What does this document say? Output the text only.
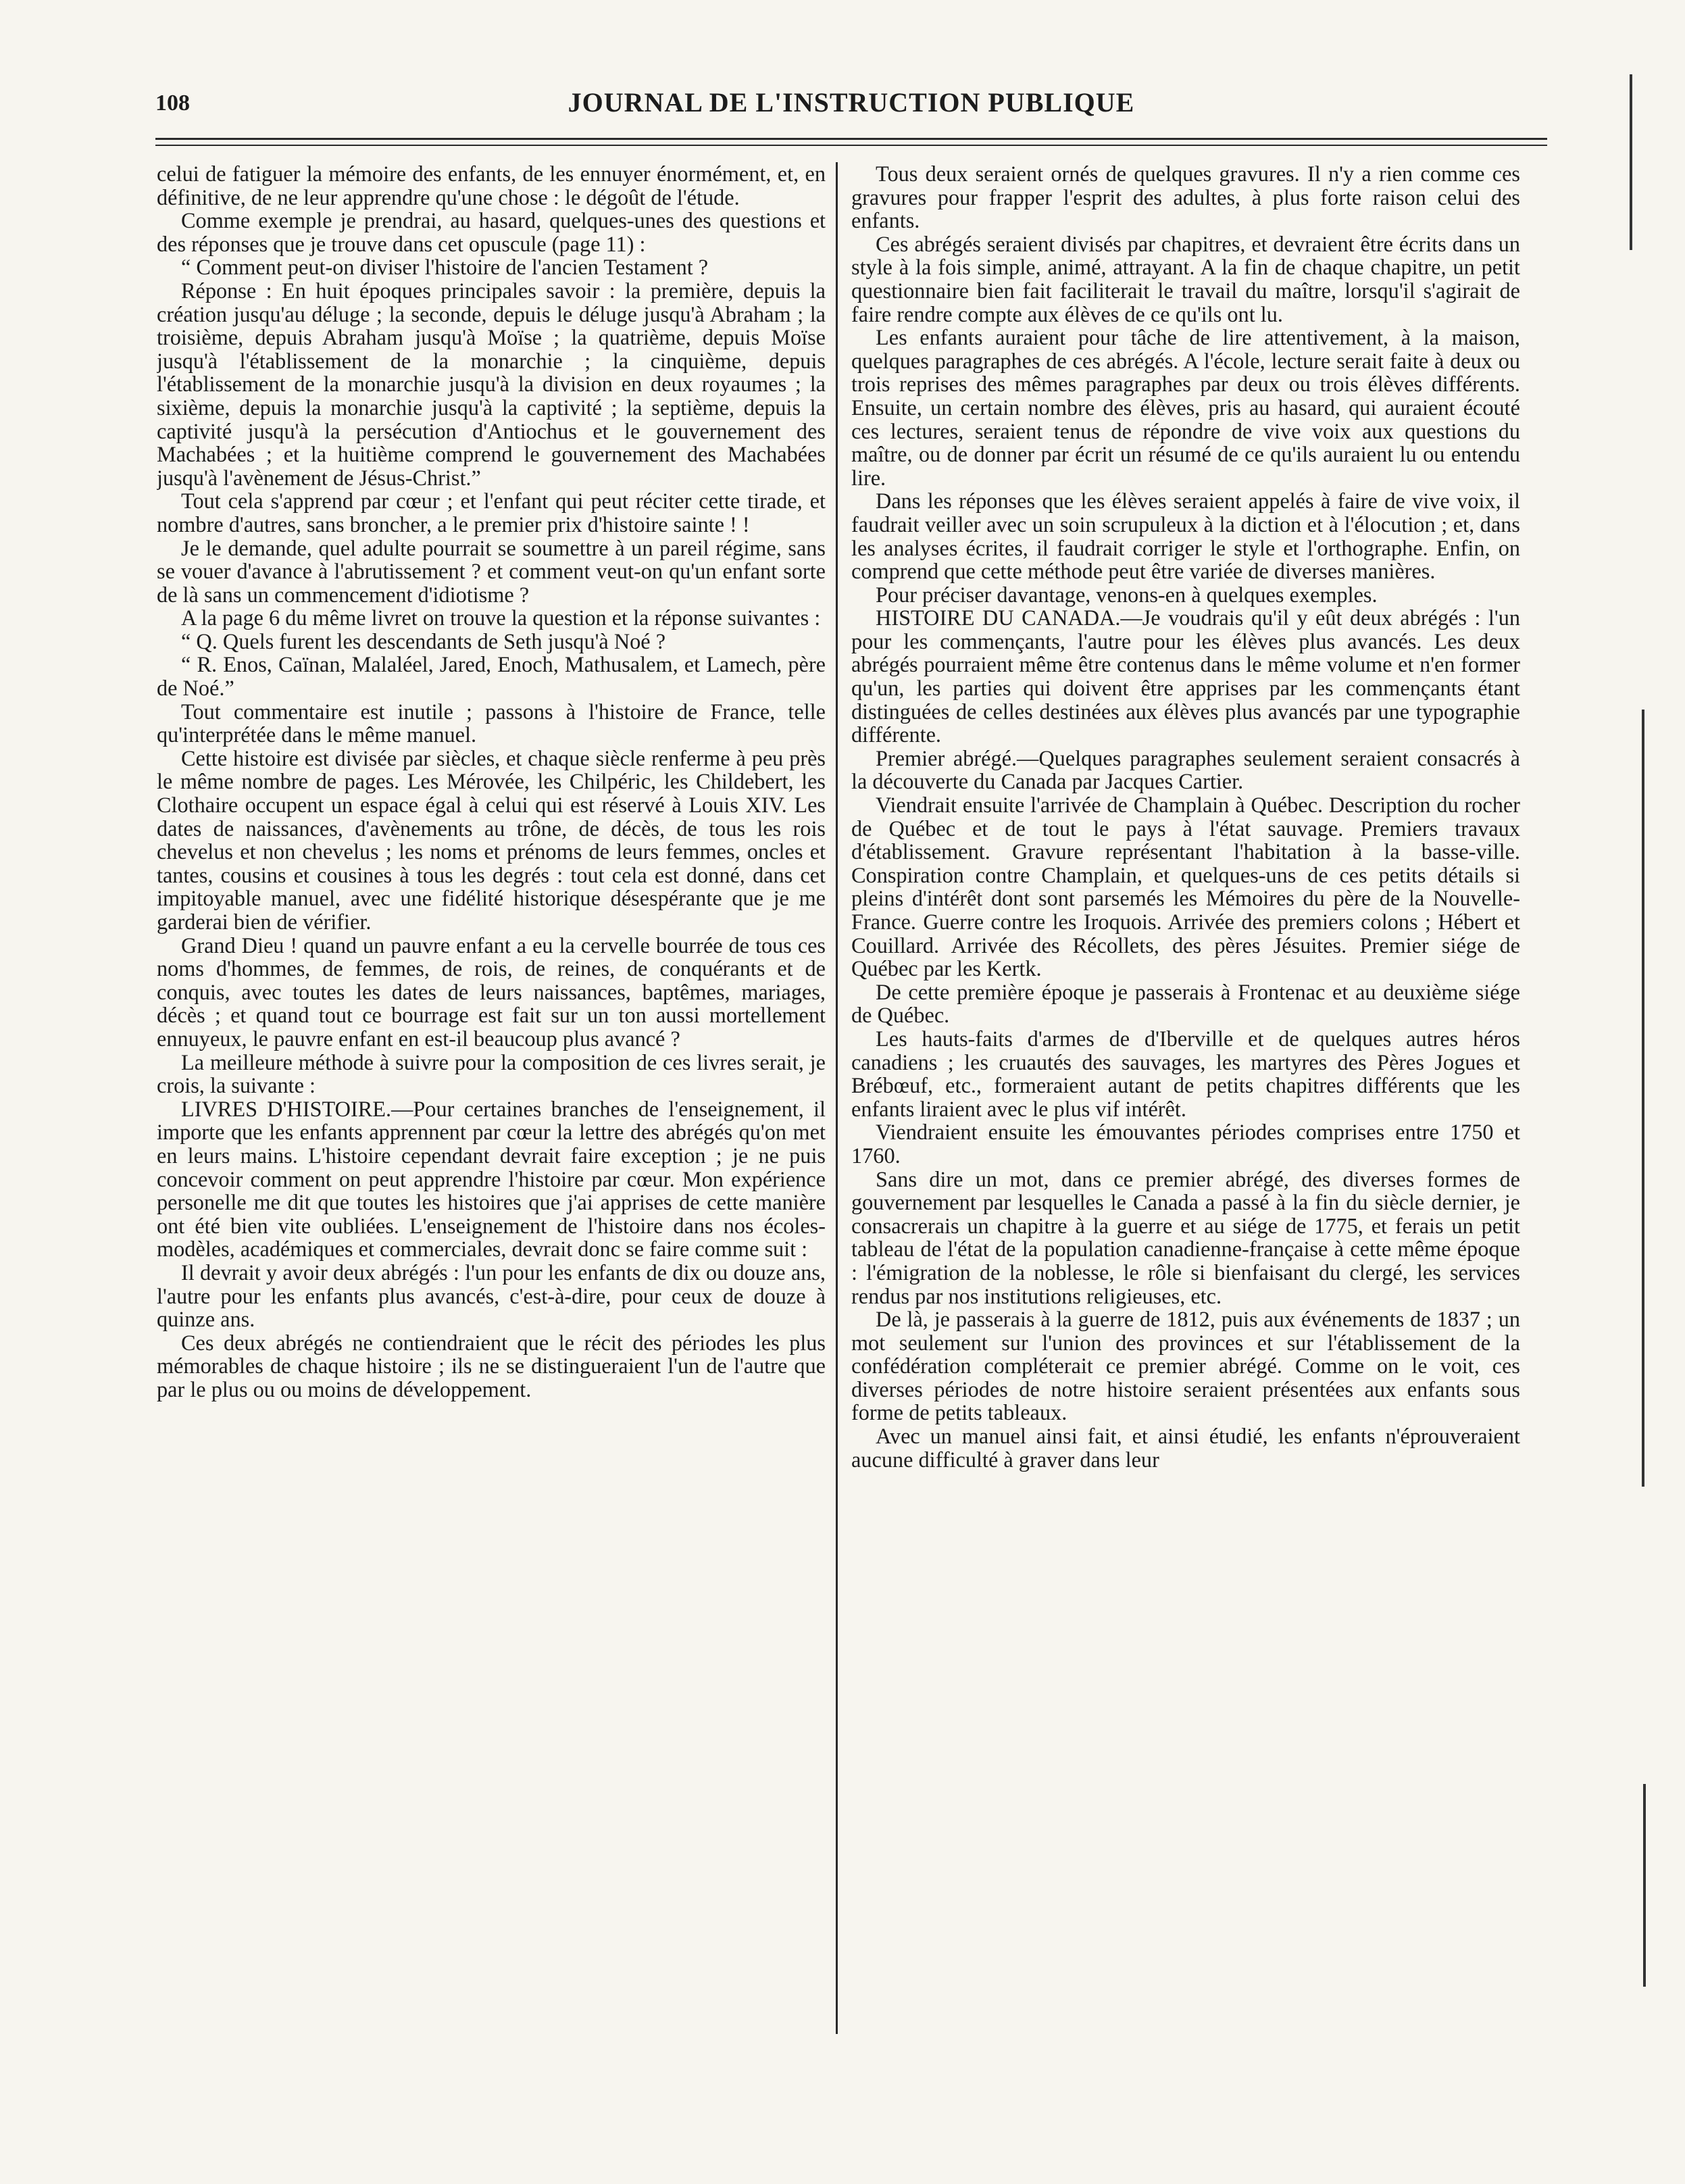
108	JOURNAL DE L'INSTRUCTION PUBLIQUE

celui de fatiguer la mémoire des enfants, de les ennuyer énormément, et, en définitive, de ne leur apprendre qu'une chose : le dégoût de l'étude.

Comme exemple je prendrai, au hasard, quelques-unes des questions et des réponses que je trouve dans cet opuscule (page 11) :

“ Comment peut-on diviser l'histoire de l'ancien Testament ?

Réponse : En huit époques principales savoir : la première, depuis la création jusqu'au déluge ; la seconde, depuis le déluge jusqu'à Abraham ; la troisième, depuis Abraham jusqu'à Moïse ; la quatrième, depuis Moïse jusqu'à l'établissement de la monarchie ; la cinquième, depuis l'établissement de la monarchie jusqu'à la division en deux royaumes ; la sixième, depuis la monarchie jusqu'à la captivité ; la septième, depuis la captivité jusqu'à la persécution d'Antiochus et le gouvernement des Machabées ; et la huitième comprend le gouvernement des Machabées jusqu'à l'avènement de Jésus-Christ.”

Tout cela s'apprend par cœur ; et l'enfant qui peut réciter cette tirade, et nombre d'autres, sans broncher, a le premier prix d'histoire sainte ! !

Je le demande, quel adulte pourrait se soumettre à un pareil régime, sans se vouer d'avance à l'abrutissement ? et comment veut-on qu'un enfant sorte de là sans un commencement d'idiotisme ?

A la page 6 du même livret on trouve la question et la réponse suivantes :

“ Q. Quels furent les descendants de Seth jusqu'à Noé ?

“ R. Enos, Caïnan, Malaléel, Jared, Enoch, Mathusalem, et Lamech, père de Noé.”

Tout commentaire est inutile ; passons à l'histoire de France, telle qu'interprétée dans le même manuel.

Cette histoire est divisée par siècles, et chaque siècle renferme à peu près le même nombre de pages. Les Mérovée, les Chilpéric, les Childebert, les Clothaire occupent un espace égal à celui qui est réservé à Louis XIV. Les dates de naissances, d'avènements au trône, de décès, de tous les rois chevelus et non chevelus ; les noms et prénoms de leurs femmes, oncles et tantes, cousins et cousines à tous les degrés : tout cela est donné, dans cet impitoyable manuel, avec une fidélité historique désespérante que je me garderai bien de vérifier.

Grand Dieu ! quand un pauvre enfant a eu la cervelle bourrée de tous ces noms d'hommes, de femmes, de rois, de reines, de conquérants et de conquis, avec toutes les dates de leurs naissances, baptêmes, mariages, décès ; et quand tout ce bourrage est fait sur un ton aussi mortellement ennuyeux, le pauvre enfant en est-il beaucoup plus avancé ?

La meilleure méthode à suivre pour la composition de ces livres serait, je crois, la suivante :

LIVRES D'HISTOIRE.—Pour certaines branches de l'enseignement, il importe que les enfants apprennent par cœur la lettre des abrégés qu'on met en leurs mains. L'histoire cependant devrait faire exception ; je ne puis concevoir comment on peut apprendre l'histoire par cœur. Mon expérience personelle me dit que toutes les histoires que j'ai apprises de cette manière ont été bien vite oubliées. L'enseignement de l'histoire dans nos écoles-modèles, académiques et commerciales, devrait donc se faire comme suit :

Il devrait y avoir deux abrégés : l'un pour les enfants de dix ou douze ans, l'autre pour les enfants plus avancés, c'est-à-dire, pour ceux de douze à quinze ans.

Ces deux abrégés ne contiendraient que le récit des périodes les plus mémorables de chaque histoire ; ils ne se distingueraient l'un de l'autre que par le plus ou ou moins de développement.

Tous deux seraient ornés de quelques gravures. Il n'y a rien comme ces gravures pour frapper l'esprit des adultes, à plus forte raison celui des enfants.

Ces abrégés seraient divisés par chapitres, et devraient être écrits dans un style à la fois simple, animé, attrayant. A la fin de chaque chapitre, un petit questionnaire bien fait faciliterait le travail du maître, lorsqu'il s'agirait de faire rendre compte aux élèves de ce qu'ils ont lu.

Les enfants auraient pour tâche de lire attentivement, à la maison, quelques paragraphes de ces abrégés. A l'école, lecture serait faite à deux ou trois reprises des mêmes paragraphes par deux ou trois élèves différents. Ensuite, un certain nombre des élèves, pris au hasard, qui auraient écouté ces lectures, seraient tenus de répondre de vive voix aux questions du maître, ou de donner par écrit un résumé de ce qu'ils auraient lu ou entendu lire.

Dans les réponses que les élèves seraient appelés à faire de vive voix, il faudrait veiller avec un soin scrupuleux à la diction et à l'élocution ; et, dans les analyses écrites, il faudrait corriger le style et l'orthographe. Enfin, on comprend que cette méthode peut être variée de diverses manières.

Pour préciser davantage, venons-en à quelques exemples.

HISTOIRE DU CANADA.—Je voudrais qu'il y eût deux abrégés : l'un pour les commençants, l'autre pour les élèves plus avancés. Les deux abrégés pourraient même être contenus dans le même volume et n'en former qu'un, les parties qui doivent être apprises par les commençants étant distinguées de celles destinées aux élèves plus avancés par une typographie différente.

Premier abrégé.—Quelques paragraphes seulement seraient consacrés à la découverte du Canada par Jacques Cartier.

Viendrait ensuite l'arrivée de Champlain à Québec. Description du rocher de Québec et de tout le pays à l'état sauvage. Premiers travaux d'établissement. Gravure représentant l'habitation à la basse-ville. Conspiration contre Champlain, et quelques-uns de ces petits détails si pleins d'intérêt dont sont parsemés les Mémoires du père de la Nouvelle-France. Guerre contre les Iroquois. Arrivée des premiers colons ; Hébert et Couillard. Arrivée des Récollets, des pères Jésuites. Premier siége de Québec par les Kertk.

De cette première époque je passerais à Frontenac et au deuxième siége de Québec.

Les hauts-faits d'armes de d'Iberville et de quelques autres héros canadiens ; les cruautés des sauvages, les martyres des Pères Jogues et Brébœuf, etc., formeraient autant de petits chapitres différents que les enfants liraient avec le plus vif intérêt.

Viendraient ensuite les émouvantes périodes comprises entre 1750 et 1760.

Sans dire un mot, dans ce premier abrégé, des diverses formes de gouvernement par lesquelles le Canada a passé à la fin du siècle dernier, je consacrerais un chapitre à la guerre et au siége de 1775, et ferais un petit tableau de l'état de la population canadienne-française à cette même époque : l'émigration de la noblesse, le rôle si bienfaisant du clergé, les services rendus par nos institutions religieuses, etc.

De là, je passerais à la guerre de 1812, puis aux événements de 1837 ; un mot seulement sur l'union des provinces et sur l'établissement de la confédération compléterait ce premier abrégé. Comme on le voit, ces diverses périodes de notre histoire seraient présentées aux enfants sous forme de petits tableaux.

Avec un manuel ainsi fait, et ainsi étudié, les enfants n'éprouveraient aucune difficulté à graver dans leur
